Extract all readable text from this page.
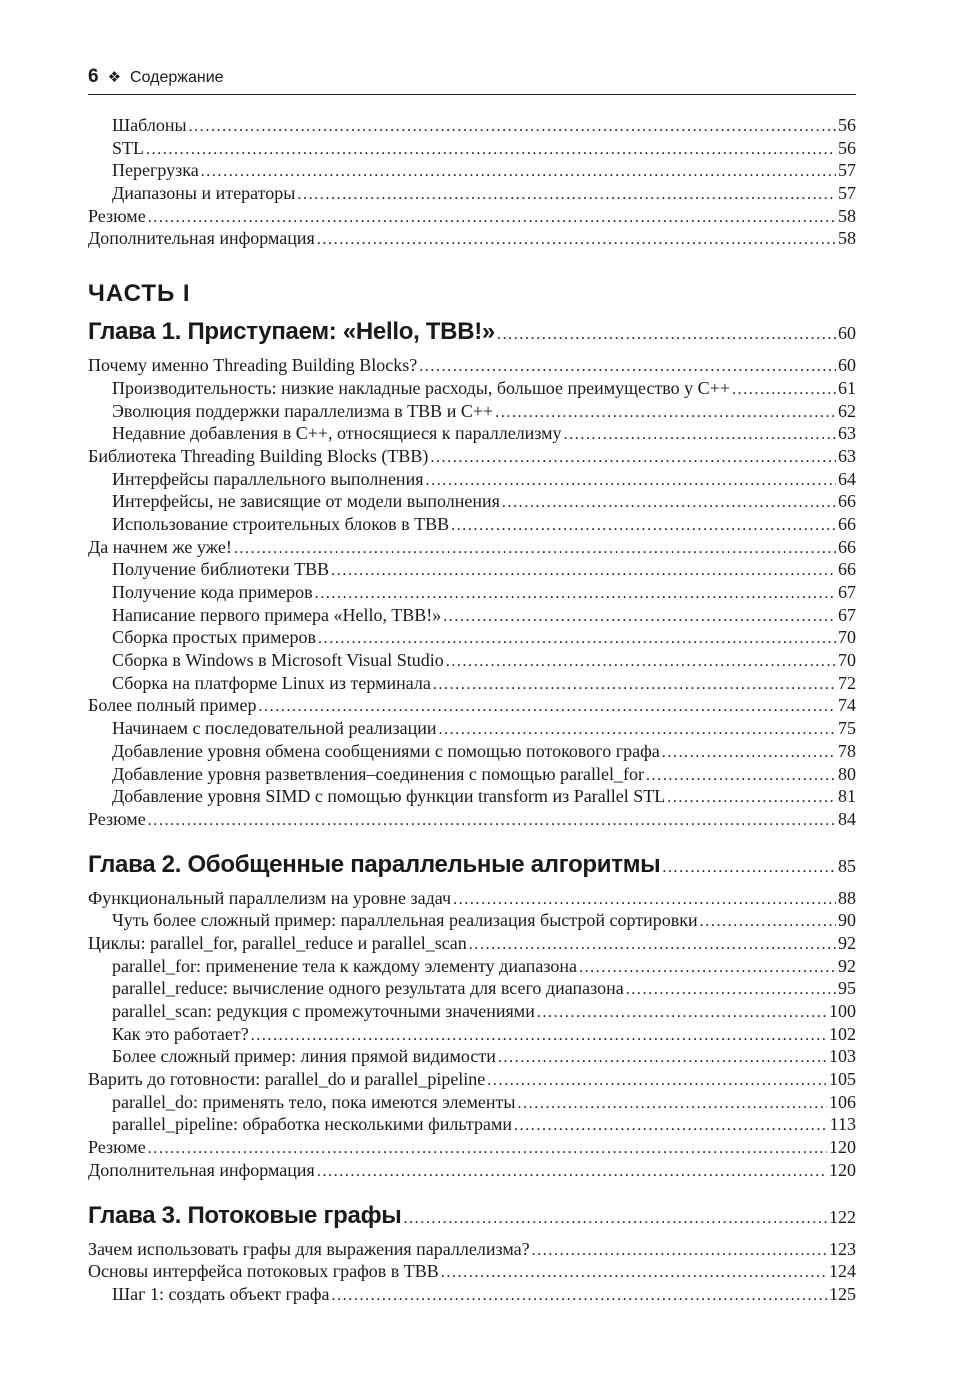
6 ❖ Содержание
Шаблоны .....	56
STL .....	56
Перегрузка .....	57
Диапазоны и итераторы .....	57
Резюме .....	58
Дополнительная информация .....	58
ЧАСТЬ I
Глава 1. Приступаем: «Hello, TBB!» .....	60
Почему именно Threading Building Blocks? .....	60
Производительность: низкие накладные расходы, большое преимущество у C++ .....	61
Эволюция поддержки параллелизма в TBB и C++ .....	62
Недавние добавления в C++, относящиеся к параллелизму .....	63
Библиотека Threading Building Blocks (TBB) .....	63
Интерфейсы параллельного выполнения .....	64
Интерфейсы, не зависящие от модели выполнения .....	66
Использование строительных блоков в TBB .....	66
Да начнем же уже! .....	66
Получение библиотеки TBB .....	66
Получение кода примеров .....	67
Написание первого примера «Hello, TBB!» .....	67
Сборка простых примеров .....	70
Сборка в Windows в Microsoft Visual Studio .....	70
Сборка на платформе Linux из терминала .....	72
Более полный пример .....	74
Начинаем с последовательной реализации .....	75
Добавление уровня обмена сообщениями с помощью потокового графа .....	78
Добавление уровня разветвления–соединения с помощью parallel_for .....	80
Добавление уровня SIMD с помощью функции transform из Parallel STL .....	81
Резюме .....	84
Глава 2. Обобщенные параллельные алгоритмы .....	85
Функциональный параллелизм на уровне задач .....	88
Чуть более сложный пример: параллельная реализация быстрой сортировки .....	90
Циклы: parallel_for, parallel_reduce и parallel_scan .....	92
parallel_for: применение тела к каждому элементу диапазона .....	92
parallel_reduce: вычисление одного результата для всего диапазона .....	95
parallel_scan: редукция с промежуточными значениями .....	100
Как это работает? .....	102
Более сложный пример: линия прямой видимости .....	103
Варить до готовности: parallel_do и parallel_pipeline .....	105
parallel_do: применять тело, пока имеются элементы .....	106
parallel_pipeline: обработка несколькими фильтрами .....	113
Резюме .....	120
Дополнительная информация .....	120
Глава 3. Потоковые графы .....	122
Зачем использовать графы для выражения параллелизма? .....	123
Основы интерфейса потоковых графов в TBB .....	124
Шаг 1: создать объект графа .....	125
